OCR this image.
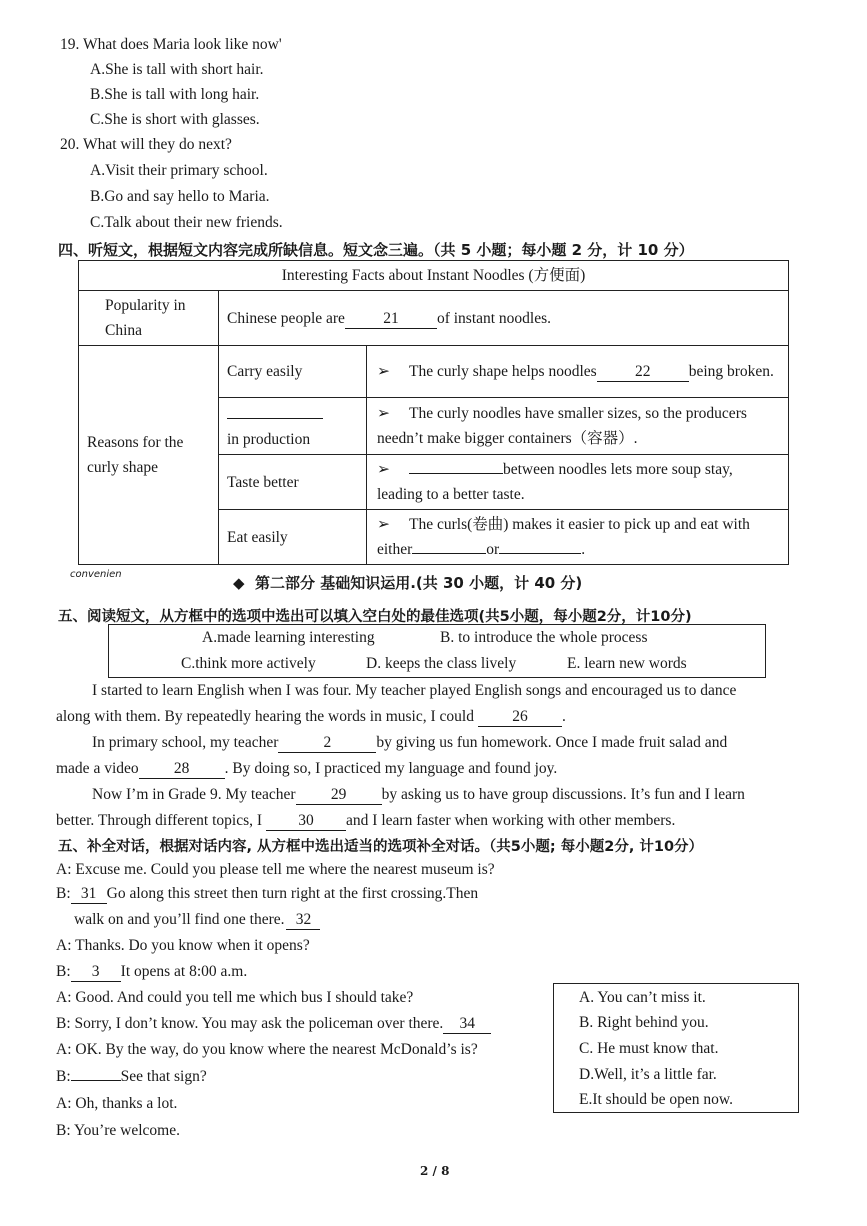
19. What does Maria look like now'
A.She is tall with short hair.
B.She is tall with long hair.
C.She is short with glasses.
20. What will they do next?
A.Visit their primary school.
B.Go and say hello to Maria.
C.Talk about their new friends.
四、听短文，根据短文内容完成所缺信息。短文念三遍。（共 5 小题；每小题 2 分，计 10 分）
Interesting Facts about Instant Noodles (方便面)		
Popularity in China	Chinese people are 21 of instant noodles.	
Reasons for the curly shape	Carry easily	➢ The curly shape helps noodles 22 being broken.

	in production	➢ The curly noodles have smaller sizes, so the producers needn’t make bigger containers（容器）.
	Taste better	➢ between noodles lets more soup stay, leading to a better taste.
	Eat easily	➢ The curls(卷曲) makes it easier to pick up and eat with either or .
convenien	◆ 第二部分 基础知识运用.(共 30 小题，计 40 分)
五、阅读短文，从方框中的选项中选出可以填入空白处的最佳选项(共5小题，每小题2分，计10分)
A.made learning interesting	B. to introduce the whole process
C.think more actively	D. keeps the class lively	E. learn new words
I started to learn English when I was four. My teacher played English songs and encouraged us to dance
along with them. By repeatedly hearing the words in music, I could 26 .
In primary school, my teacher	2	by giving us fun homework. Once I made fruit salad and
made a video 28 . By doing so, I practiced my language and found joy.
Now I’m in Grade 9. My teacher 29 by asking us to have group discussions. It’s fun and I learn
better. Through different topics, I 30 and I learn faster when working with other members.
五、补全对话，根据对话内容, 从方框中选出适当的选项补全对话。（共5小题; 每小题2分, 计10分）
A: Excuse me. Could you please tell me where the nearest museum is?
B: 31 Go along this street then turn right at the first crossing.Then
walk on and you’ll find one there. 32
A: Thanks. Do you know when it opens?
B: 3 It opens at 8:00 a.m.
A: Good. And could you tell me which bus I should take?
B: Sorry, I don’t know. You may ask the policeman over there. 34
A: OK. By the way, do you know where the nearest McDonald’s is?
B:	See that sign?
A: Oh, thanks a lot.
B: You’re welcome.
A. You can’t miss it.
B. Right behind you.
C. He must know that.
D.Well, it’s a little far.
E.It should be open now.
2 / 8
